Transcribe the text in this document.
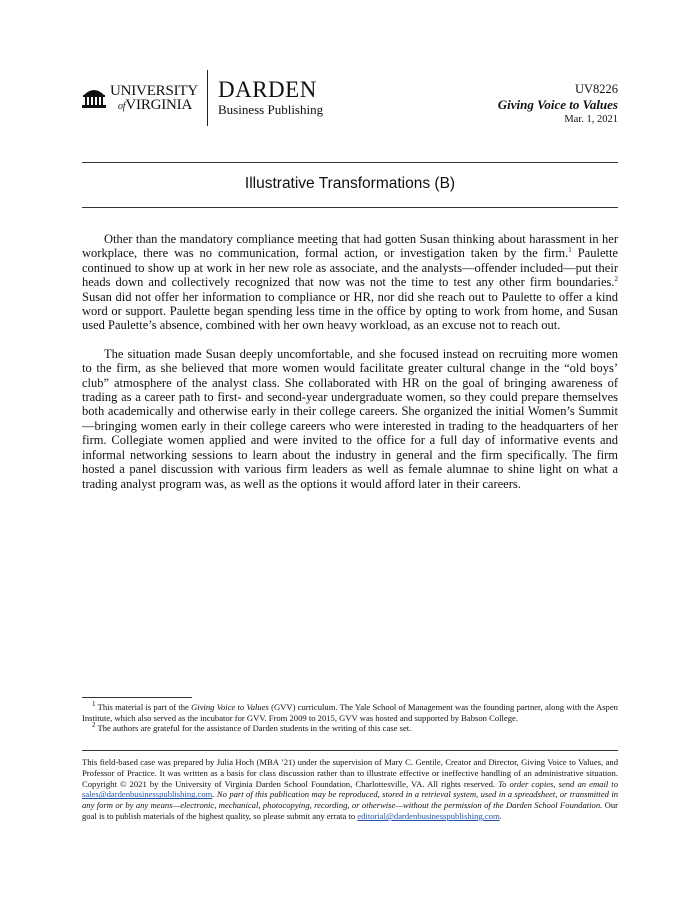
UNIVERSITY
ofVIRGINIA
DARDEN
Business Publishing
UV8226
Giving Voice to Values
Mar. 1, 2021
Illustrative Transformations (B)

Other than the mandatory compliance meeting that had gotten Susan thinking about harassment in her workplace, there was no communication, formal action, or investigation taken by the firm.$^1$ Paulette continued to show up at work in her new role as associate, and the analysts—offender included—put their heads down and collectively recognized that now was not the time to test any other firm boundaries.$^2$ Susan did not offer her information to compliance or HR, nor did she reach out to Paulette to offer a kind word or support. Paulette began spending less time in the office by opting to work from home, and Susan used Paulette’s absence, combined with her own heavy workload, as an excuse not to reach out.

The situation made Susan deeply uncomfortable, and she focused instead on recruiting more women to the firm, as she believed that more women would facilitate greater cultural change in the “old boys’ club” atmosphere of the analyst class. She collaborated with HR on the goal of bringing awareness of trading as a career path to first- and second-year undergraduate women, so they could prepare themselves both academically and otherwise early in their college careers. She organized the initial Women’s Summit—bringing women early in their college careers who were interested in trading to the headquarters of her firm. Collegiate women applied and were invited to the office for a full day of informative events and informal networking sessions to learn about the industry in general and the firm specifically. The firm hosted a panel discussion with various firm leaders as well as female alumnae to shine light on what a trading analyst program was, as well as the options it would afford later in their careers.

$^1$ This material is part of the Giving Voice to Values (GVV) curriculum. The Yale School of Management was the founding partner, along with the Aspen Institute, which also served as the incubator for GVV. From 2009 to 2015, GVV was hosted and supported by Babson College.

$^2$ The authors are grateful for the assistance of Darden students in the writing of this case set.

This field-based case was prepared by Julia Hoch (MBA ’21) under the supervision of Mary C. Gentile, Creator and Director, Giving Voice to Values, and Professor of Practice. It was written as a basis for class discussion rather than to illustrate effective or ineffective handling of an administrative situation. Copyright © 2021 by the University of Virginia Darden School Foundation, Charlottesville, VA. All rights reserved. To order copies, send an email to sales@dardenbusinesspublishing.com. No part of this publication may be reproduced, stored in a retrieval system, used in a spreadsheet, or transmitted in any form or by any means—electronic, mechanical, photocopying, recording, or otherwise—without the permission of the Darden School Foundation. Our goal is to publish materials of the highest quality, so please submit any errata to editorial@dardenbusinesspublishing.com.
